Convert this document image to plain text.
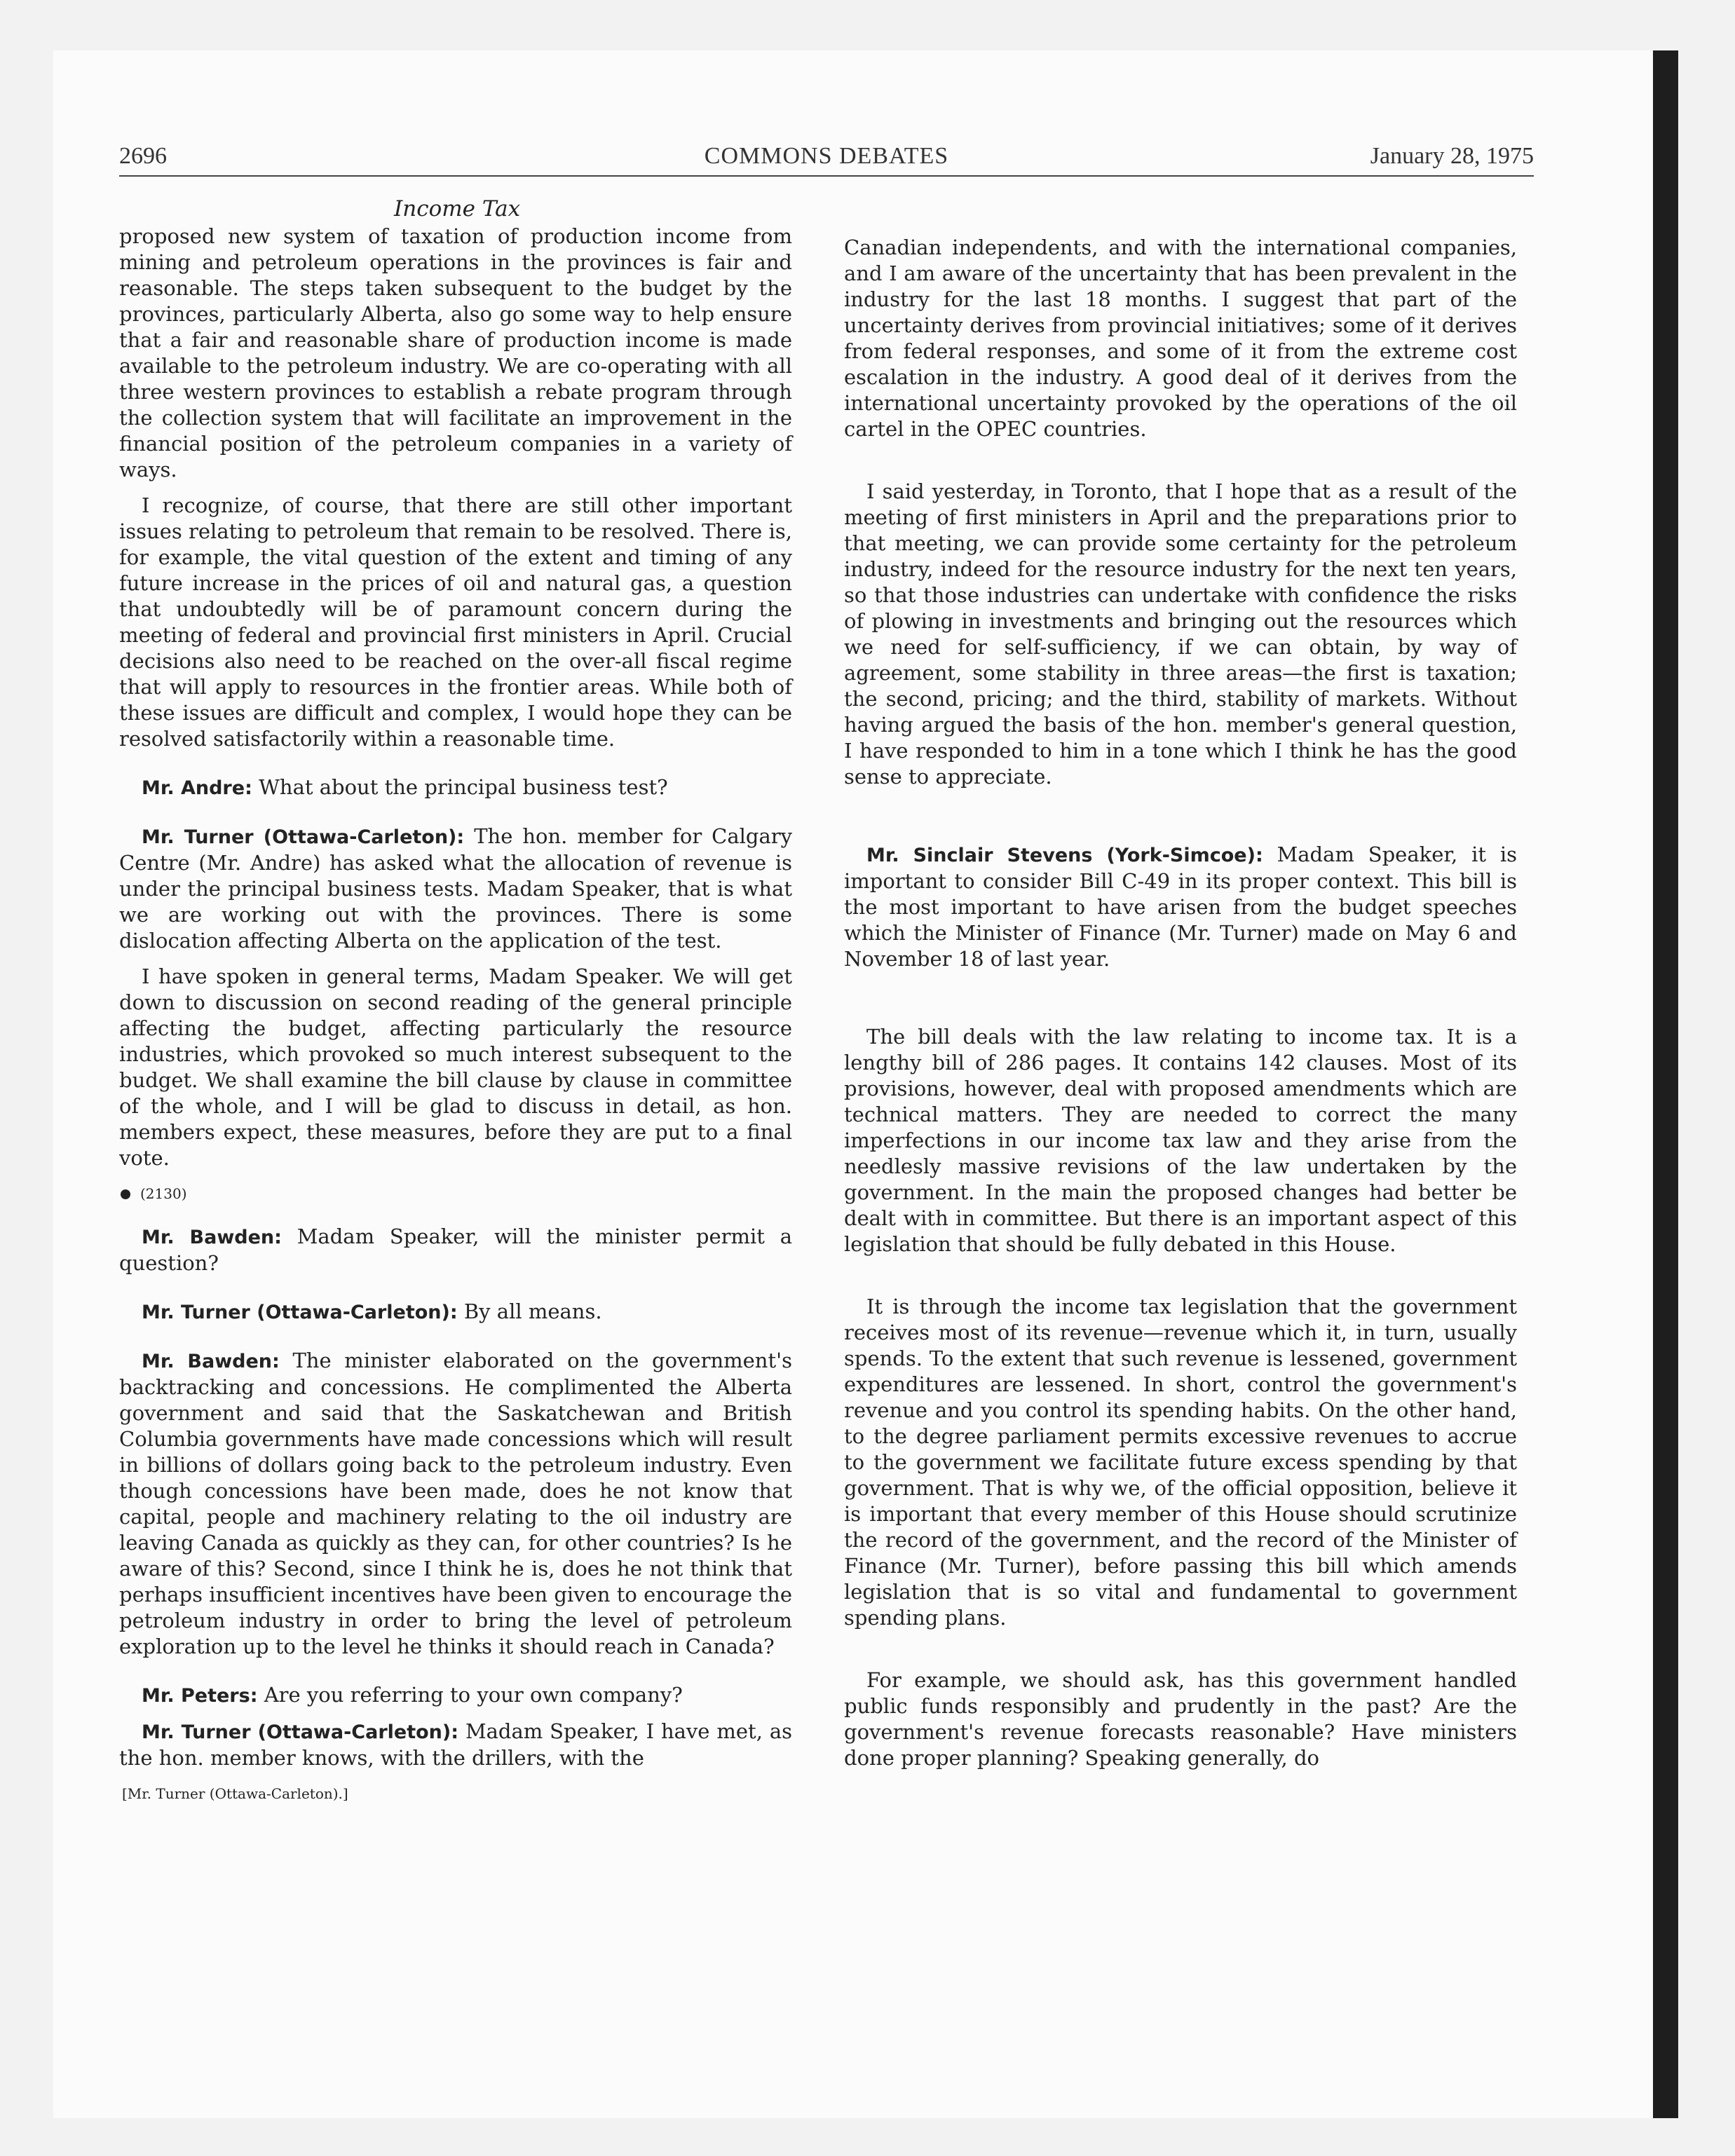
2696	COMMONS DEBATES	January 28, 1975
Income Tax

proposed new system of taxation of production income from mining and petroleum operations in the provinces is fair and reasonable. The steps taken subsequent to the budget by the provinces, particularly Alberta, also go some way to help ensure that a fair and reasonable share of production income is made available to the petroleum industry. We are co-operating with all three western provinces to establish a rebate program through the collection system that will facilitate an improvement in the financial position of the petroleum companies in a variety of ways.

I recognize, of course, that there are still other important issues relating to petroleum that remain to be resolved. There is, for example, the vital question of the extent and timing of any future increase in the prices of oil and natural gas, a question that undoubtedly will be of paramount concern during the meeting of federal and provincial first ministers in April. Crucial decisions also need to be reached on the over-all fiscal regime that will apply to resources in the frontier areas. While both of these issues are difficult and complex, I would hope they can be resolved satisfactorily within a reasonable time.

Mr. Andre: What about the principal business test?

Mr. Turner (Ottawa-Carleton): The hon. member for Calgary Centre (Mr. Andre) has asked what the allocation of revenue is under the principal business tests. Madam Speaker, that is what we are working out with the provinces. There is some dislocation affecting Alberta on the application of the test.

I have spoken in general terms, Madam Speaker. We will get down to discussion on second reading of the general principle affecting the budget, affecting particularly the resource industries, which provoked so much interest subsequent to the budget. We shall examine the bill clause by clause in committee of the whole, and I will be glad to discuss in detail, as hon. members expect, these measures, before they are put to a final vote.

(2130)

Mr. Bawden: Madam Speaker, will the minister permit a question?

Mr. Turner (Ottawa-Carleton): By all means.

Mr. Bawden: The minister elaborated on the government's backtracking and concessions. He complimented the Alberta government and said that the Saskatchewan and British Columbia governments have made concessions which will result in billions of dollars going back to the petroleum industry. Even though concessions have been made, does he not know that capital, people and machinery relating to the oil industry are leaving Canada as quickly as they can, for other countries? Is he aware of this? Second, since I think he is, does he not think that perhaps insufficient incentives have been given to encourage the petroleum industry in order to bring the level of petroleum exploration up to the level he thinks it should reach in Canada?

Mr. Peters: Are you referring to your own company?

Mr. Turner (Ottawa-Carleton): Madam Speaker, I have met, as the hon. member knows, with the drillers, with the

[Mr. Turner (Ottawa-Carleton).]

Canadian independents, and with the international companies, and I am aware of the uncertainty that has been prevalent in the industry for the last 18 months. I suggest that part of the uncertainty derives from provincial initiatives; some of it derives from federal responses, and some of it from the extreme cost escalation in the industry. A good deal of it derives from the international uncertainty provoked by the operations of the oil cartel in the OPEC countries.

I said yesterday, in Toronto, that I hope that as a result of the meeting of first ministers in April and the preparations prior to that meeting, we can provide some certainty for the petroleum industry, indeed for the resource industry for the next ten years, so that those industries can undertake with confidence the risks of plowing in investments and bringing out the resources which we need for self-sufficiency, if we can obtain, by way of agreement, some stability in three areas—the first is taxation; the second, pricing; and the third, stability of markets. Without having argued the basis of the hon. member's general question, I have responded to him in a tone which I think he has the good sense to appreciate.

Mr. Sinclair Stevens (York-Simcoe): Madam Speaker, it is important to consider Bill C-49 in its proper context. This bill is the most important to have arisen from the budget speeches which the Minister of Finance (Mr. Turner) made on May 6 and November 18 of last year.

The bill deals with the law relating to income tax. It is a lengthy bill of 286 pages. It contains 142 clauses. Most of its provisions, however, deal with proposed amendments which are technical matters. They are needed to correct the many imperfections in our income tax law and they arise from the needlesly massive revisions of the law undertaken by the government. In the main the proposed changes had better be dealt with in committee. But there is an important aspect of this legislation that should be fully debated in this House.

It is through the income tax legislation that the government receives most of its revenue—revenue which it, in turn, usually spends. To the extent that such revenue is lessened, government expenditures are lessened. In short, control the government's revenue and you control its spending habits. On the other hand, to the degree parliament permits excessive revenues to accrue to the government we facilitate future excess spending by that government. That is why we, of the official opposition, believe it is important that every member of this House should scrutinize the record of the government, and the record of the Minister of Finance (Mr. Turner), before passing this bill which amends legislation that is so vital and fundamental to government spending plans.

For example, we should ask, has this government handled public funds responsibly and prudently in the past? Are the government's revenue forecasts reasonable? Have ministers done proper planning? Speaking generally, do
